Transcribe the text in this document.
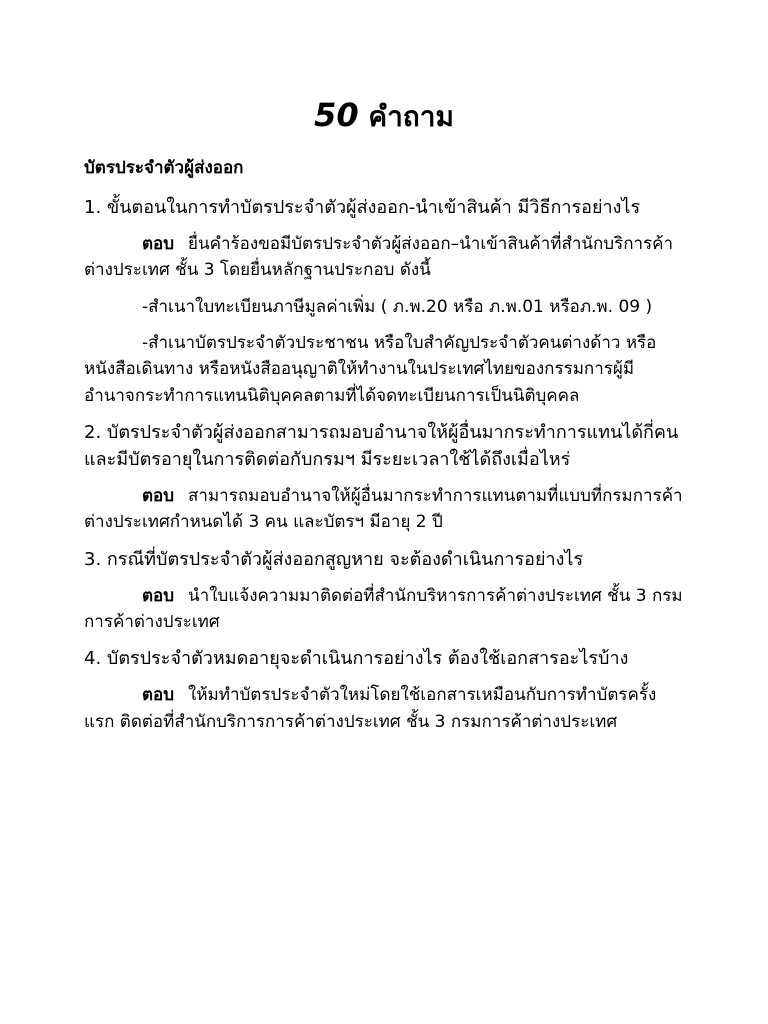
50 คำถาม
บัตรประจำตัวผู้ส่งออก
1. ขั้นตอนในการทำบัตรประจำตัวผู้ส่งออก-นำเข้าสินค้า มีวิธีการอย่างไร
ตอบ ยื่นคำร้องขอมีบัตรประจำตัวผู้ส่งออก–นำเข้าสินค้าที่สำนักบริการค้าต่างประเทศ ชั้น 3 โดยยื่นหลักฐานประกอบ ดังนี้
-สำเนาใบทะเบียนภาษีมูลค่าเพิ่ม ( ภ.พ.20 หรือ ภ.พ.01 หรือภ.พ. 09 )
-สำเนาบัตรประจำตัวประชาชน หรือใบสำคัญประจำตัวคนต่างด้าว หรือหนังสือเดินทาง หรือหนังสืออนุญาติให้ทำงานในประเทศไทยของกรรมการผู้มีอำนาจกระทำการแทนนิติบุคคลตามที่ได้จดทะเบียนการเป็นนิติบุคคล
2. บัตรประจำตัวผู้ส่งออกสามารถมอบอำนาจให้ผู้อื่นมากระทำการแทนได้กี่คน และมีบัตรอายุในการติดต่อกับกรมฯ มีระยะเวลาใช้ได้ถึงเมื่อไหร่
ตอบ สามารถมอบอำนาจให้ผู้อื่นมากระทำการแทนตามที่แบบที่กรมการค้าต่างประเทศกำหนดได้ 3 คน และบัตรฯ มีอายุ 2 ปี
3. กรณีที่บัตรประจำตัวผู้ส่งออกสูญหาย จะต้องดำเนินการอย่างไร
ตอบ นำใบแจ้งความมาติดต่อที่สำนักบริหารการค้าต่างประเทศ ชั้น 3 กรมการค้าต่างประเทศ
4. บัตรประจำตัวหมดอายุจะดำเนินการอย่างไร ต้องใช้เอกสารอะไรบ้าง
ตอบ ให้มทำบัตรประจำตัวใหม่โดยใช้เอกสารเหมือนกับการทำบัตรครั้งแรก ติดต่อที่สำนักบริการการค้าต่างประเทศ ชั้น 3 กรมการค้าต่างประเทศ
